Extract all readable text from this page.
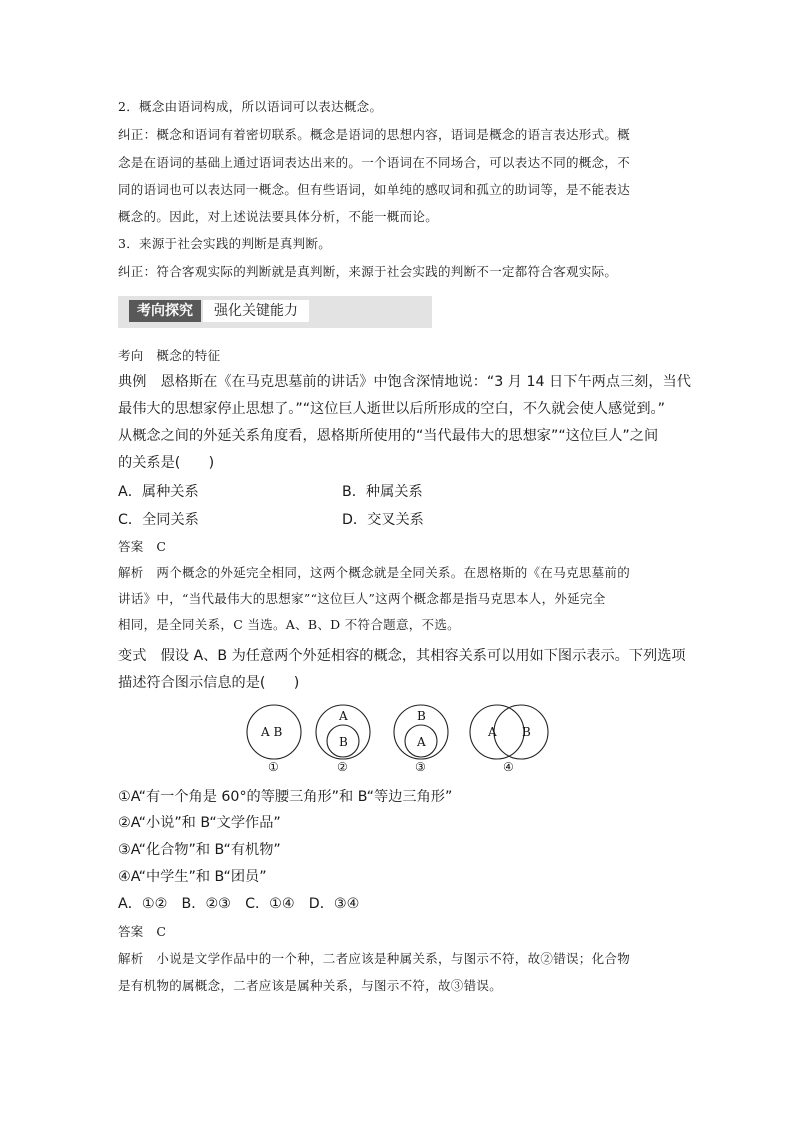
2．概念由语词构成，所以语词可以表达概念。
纠正：概念和语词有着密切联系。概念是语词的思想内容，语词是概念的语言表达形式。概
念是在语词的基础上通过语词表达出来的。一个语词在不同场合，可以表达不同的概念，不
同的语词也可以表达同一概念。但有些语词，如单纯的感叹词和孤立的助词等，是不能表达
概念的。因此，对上述说法要具体分析，不能一概而论。
3．来源于社会实践的判断是真判断。
纠正：符合客观实际的判断就是真判断，来源于社会实践的判断不一定都符合客观实际。
考向探究	强化关键能力
考向　概念的特征
典例　恩格斯在《在马克思墓前的讲话》中饱含深情地说：“3 月 14 日下午两点三刻，当代
最伟大的思想家停止思想了。”“这位巨人逝世以后所形成的空白，不久就会使人感觉到。”
从概念之间的外延关系角度看，恩格斯所使用的“当代最伟大的思想家”“这位巨人”之间
的关系是(　　)
A．属种关系	B．种属关系
C．全同关系	D．交叉关系
答案　C
解析　两个概念的外延完全相同，这两个概念就是全同关系。在恩格斯的《在马克思墓前的
讲话》中，“当代最伟大的思想家”“这位巨人”这两个概念都是指马克思本人，外延完全
相同，是全同关系，C 当选。A、B、D 不符合题意，不选。
变式　假设 A、B 为任意两个外延相容的概念，其相容关系可以用如下图示表示。下列选项
描述符合图示信息的是(　　)
A B
①
A
B
②
B
A
③
A B
④
①A“有一个角是 60°的等腰三角形”和 B“等边三角形”
②A“小说”和 B“文学作品”
③A“化合物”和 B“有机物”
④A“中学生”和 B“团员”
A．①②　B．②③　C．①④　D．③④
答案　C
解析　小说是文学作品中的一个种，二者应该是种属关系，与图示不符，故②错误；化合物
是有机物的属概念，二者应该是属种关系，与图示不符，故③错误。
